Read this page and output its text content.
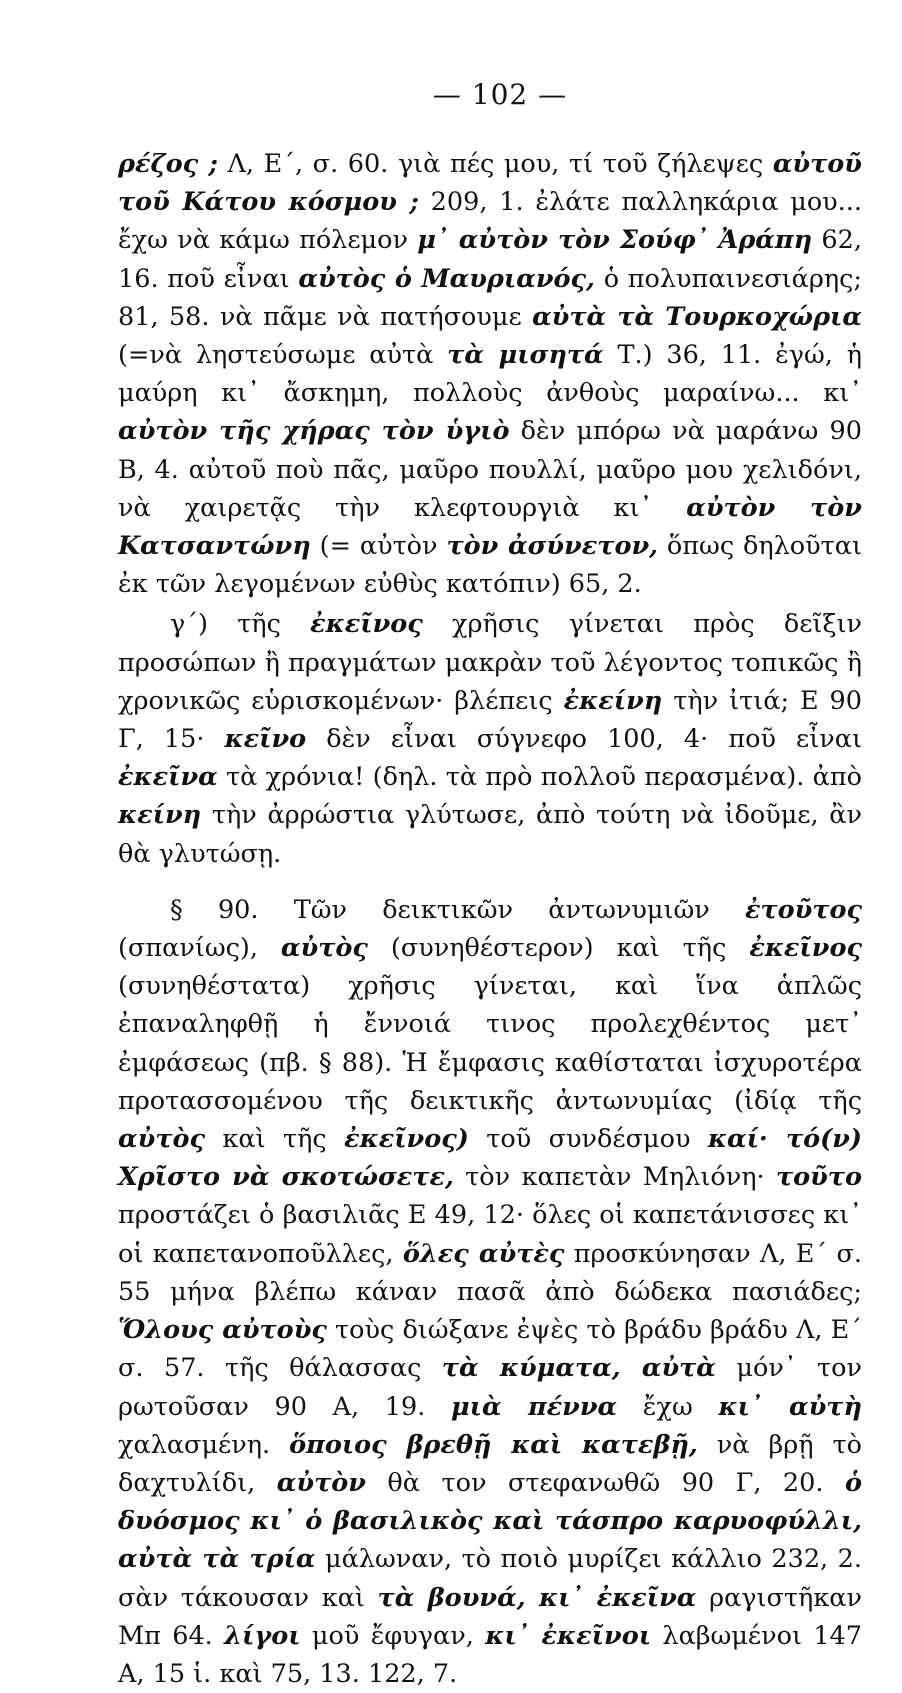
— 102 —

ρέζος ; Λ, Ε΄, σ. 60. γιὰ πές μου, τί τοῦ ζήλεψες αὐτοῦ τοῦ Κάτου κόσμου ; 209, 1. ἐλάτε παλληκάρια μου... ἔχω νὰ κάμω πόλεμον μ᾿ αὐτὸν τὸν Σούφ᾿ Ἀράπη 62, 16. ποῦ εἶναι αὐτὸς ὁ Μαυριανός, ὁ πολυπαινεσιάρης; 81, 58. νὰ πᾶμε νὰ πατήσουμε αὐτὰ τὰ Τουρκοχώρια (=νὰ ληστεύσωμε αὐτὰ τὰ μισητά Τ.) 36, 11. ἐγώ, ἡ μαύρη κι᾿ ἄσκημη, πολλοὺς ἀνθοὺς μαραίνω... κι᾿ αὐτὸν τῆς χήρας τὸν ὑγιὸ δὲν μπόρω νὰ μαράνω 90 Β, 4. αὐτοῦ ποὺ πᾶς, μαῦρο πουλλί, μαῦρο μου χελιδόνι, νὰ χαιρετᾷς τὴν κλεφτουργιὰ κι᾿ αὐτὸν τὸν Κατσαντώνη (= αὐτὸν τὸν ἀσύνετον, ὅπως δηλοῦται ἐκ τῶν λεγομένων εὐθὺς κατόπιν) 65, 2.

γ΄) τῆς ἐκεῖνος χρῆσις γίνεται πρὸς δεῖξιν προσώπων ἢ πραγμάτων μακρὰν τοῦ λέγοντος τοπικῶς ἢ χρονικῶς εὑρισκομένων· βλέπεις ἐκείνη τὴν ἰτιά; Ε 90 Γ, 15· κεῖνο δὲν εἶναι σύγνεφο 100, 4· ποῦ εἶναι ἐκεῖνα τὰ χρόνια! (δηλ. τὰ πρὸ πολλοῦ περασμένα). ἀπὸ κείνη τὴν ἀρρώστια γλύτωσε, ἀπὸ τούτη νὰ ἰδοῦμε, ἂν θὰ γλυτώσῃ.

§ 90. Τῶν δεικτικῶν ἀντωνυμιῶν ἐτοῦτος (σπανίως), αὐτὸς (συνηθέστερον) καὶ τῆς ἐκεῖνος (συνηθέστατα) χρῆσις γίνεται, καὶ ἵνα ἁπλῶς ἐπαναληφθῇ ἡ ἔννοιά τινος προλεχθέντος μετ᾿ ἐμφάσεως (πβ. § 88). Ἡ ἔμφασις καθίσταται ἰσχυροτέρα προτασσομένου τῆς δεικτικῆς ἀντωνυμίας (ἰδίᾳ τῆς αὐτὸς καὶ τῆς ἐκεῖνος) τοῦ συνδέσμου καί· τό(ν) Χρῖστο νὰ σκοτώσετε, τὸν καπετὰν Μηλιόνη· τοῦτο προστάζει ὁ βασιλιᾶς Ε 49, 12· ὅλες οἱ καπετάνισσες κι᾿ οἱ καπετανοποῦλλες, ὅλες αὐτὲς προσκύνησαν Λ, Ε΄ σ. 55 μήνα βλέπω κάναν πασᾶ ἀπὸ δώδεκα πασιάδες; Ὅλους αὐτοὺς τοὺς διώξανε ἐψὲς τὸ βράδυ βράδυ Λ, Ε΄ σ. 57. τῆς θάλασσας τὰ κύματα, αὐτὰ μόν᾿ τον ρωτοῦσαν 90 Α, 19. μιὰ πέννα ἔχω κι᾿ αὐτὴ χαλασμένη. ὅποιος βρεθῇ καὶ κατεβῇ, νὰ βρῇ τὸ δαχτυλίδι, αὐτὸν θὰ τον στεφανωθῶ 90 Γ, 20. ὁ δυόσμος κι᾿ ὁ βασιλικὸς καὶ τάσπρο καρυοφύλλι, αὐτὰ τὰ τρία μάλωναν, τὸ ποιὸ μυρίζει κάλλιο 232, 2. σὰν τάκουσαν καὶ τὰ βουνά, κι᾿ ἐκεῖνα ραγιστῆκαν Μπ 64. λίγοι μοῦ ἔφυγαν, κι᾿ ἐκεῖνοι λαβωμένοι 147 Α, 15 ἱ. καὶ 75, 13. 122, 7.
